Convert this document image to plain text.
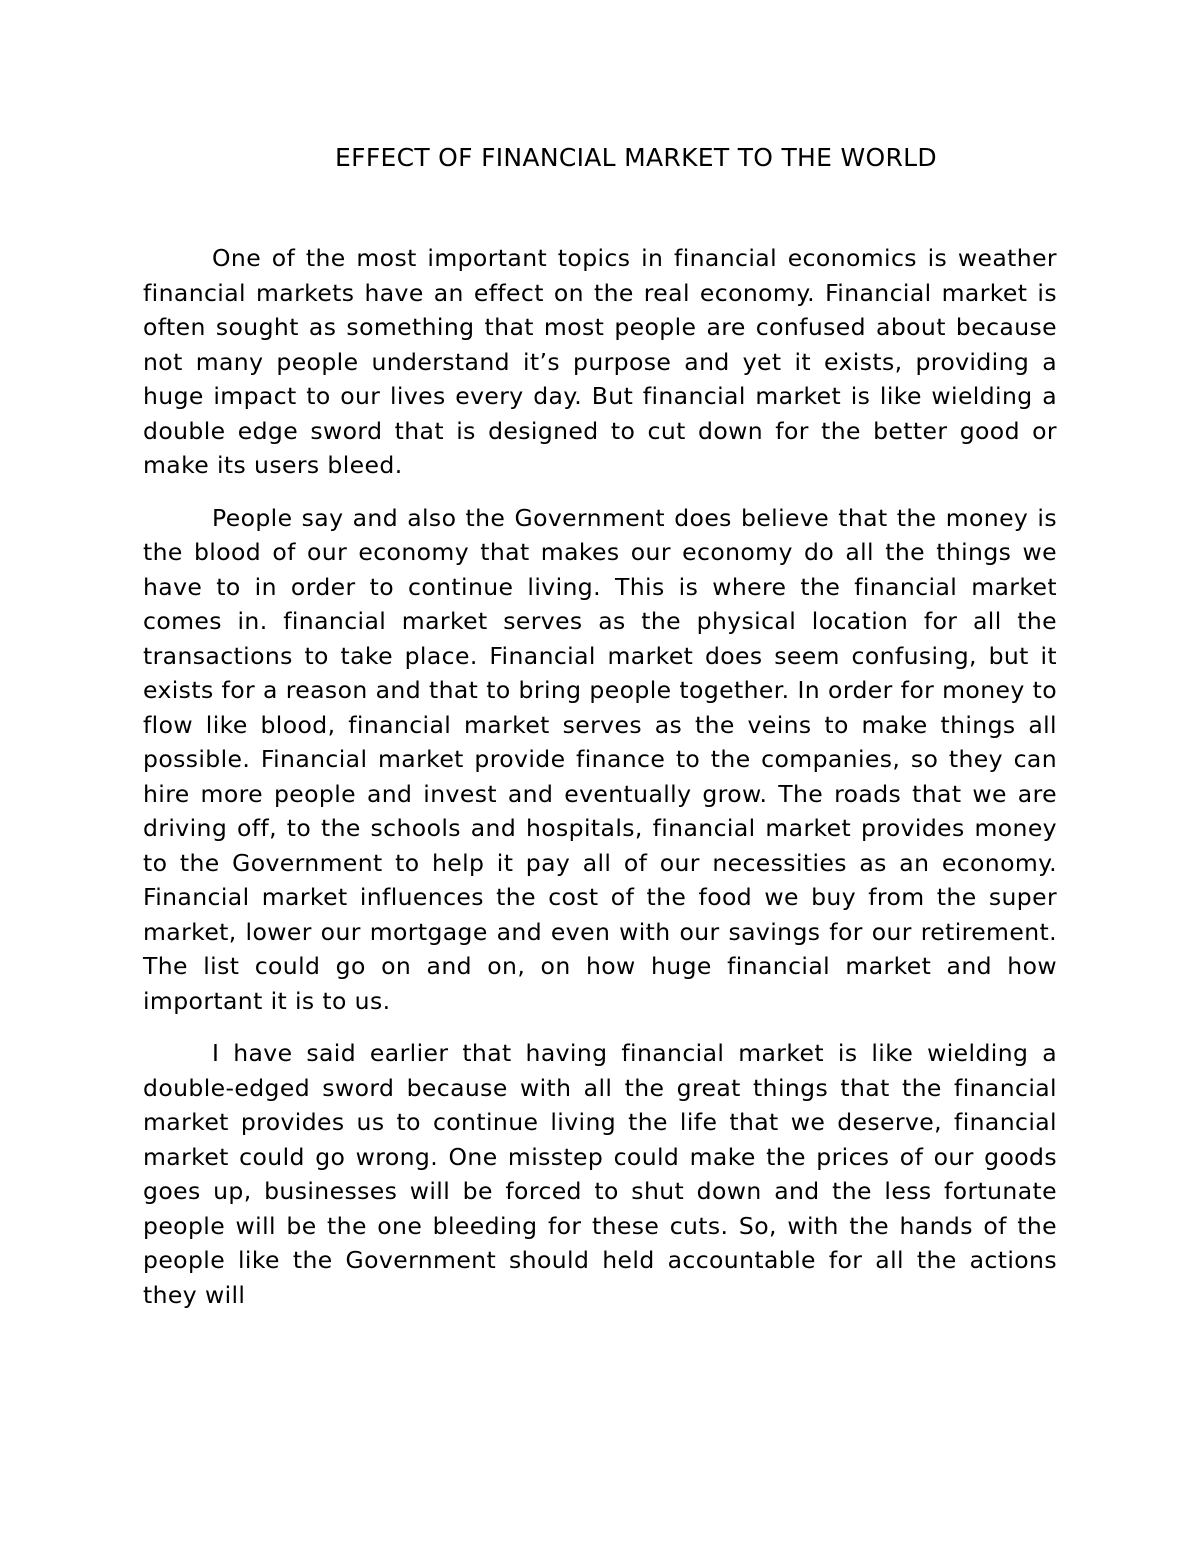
EFFECT OF FINANCIAL MARKET TO THE WORLD

One of the most important topics in financial economics is weather financial markets have an effect on the real economy. Financial market is often sought as something that most people are confused about because not many people understand it’s purpose and yet it exists, providing a huge impact to our lives every day. But financial market is like wielding a double edge sword that is designed to cut down for the better good or make its users bleed.

People say and also the Government does believe that the money is the blood of our economy that makes our economy do all the things we have to in order to continue living. This is where the financial market comes in. financial market serves as the physical location for all the transactions to take place. Financial market does seem confusing, but it exists for a reason and that to bring people together. In order for money to flow like blood, financial market serves as the veins to make things all possible. Financial market provide finance to the companies, so they can hire more people and invest and eventually grow. The roads that we are driving off, to the schools and hospitals, financial market provides money to the Government to help it pay all of our necessities as an economy. Financial market influences the cost of the food we buy from the super market, lower our mortgage and even with our savings for our retirement. The list could go on and on, on how huge financial market and how important it is to us.

I have said earlier that having financial market is like wielding a double-edged sword because with all the great things that the financial market provides us to continue living the life that we deserve, financial market could go wrong. One misstep could make the prices of our goods goes up, businesses will be forced to shut down and the less fortunate people will be the one bleeding for these cuts. So, with the hands of the people like the Government should held accountable for all the actions they will
